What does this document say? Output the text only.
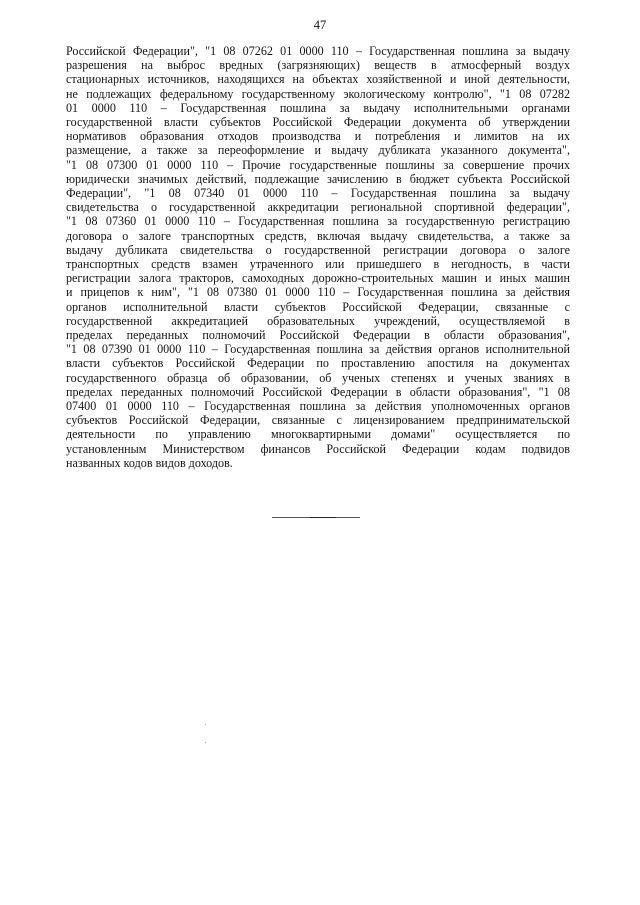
47
Российской Федерации", "1 08 07262 01 0000 110 – Государственная пошлина за выдачу
разрешения на выброс вредных (загрязняющих) веществ в атмосферный воздух
стационарных источников, находящихся на объектах хозяйственной и иной деятельности,
не подлежащих федеральному государственному экологическому контролю", "1 08 07282
01 0000 110 – Государственная пошлина за выдачу исполнительными органами
государственной власти субъектов Российской Федерации документа об утверждении
нормативов образования отходов производства и потребления и лимитов на их
размещение, а также за переоформление и выдачу дубликата указанного документа",
"1 08 07300 01 0000 110 – Прочие государственные пошлины за совершение прочих
юридически значимых действий, подлежащие зачислению в бюджет субъекта Российской
Федерации", "1 08 07340 01 0000 110 – Государственная пошлина за выдачу
свидетельства о государственной аккредитации региональной спортивной федерации",
"1 08 07360 01 0000 110 – Государственная пошлина за государственную регистрацию
договора о залоге транспортных средств, включая выдачу свидетельства, а также за
выдачу дубликата свидетельства о государственной регистрации договора о залоге
транспортных средств взамен утраченного или пришедшего в негодность, в части
регистрации залога тракторов, самоходных дорожно-строительных машин и иных машин
и прицепов к ним", "1 08 07380 01 0000 110 – Государственная пошлина за действия
органов исполнительной власти субъектов Российской Федерации, связанные с
государственной аккредитацией образовательных учреждений, осуществляемой в
пределах переданных полномочий Российской Федерации в области образования",
"1 08 07390 01 0000 110 – Государственная пошлина за действия органов исполнительной
власти субъектов Российской Федерации по проставлению апостиля на документах
государственного образца об образовании, об ученых степенях и ученых званиях в
пределах переданных полномочий Российской Федерации в области образования", "1 08
07400 01 0000 110 – Государственная пошлина за действия уполномоченных органов
субъектов Российской Федерации, связанные с лицензированием предпринимательской
деятельности по управлению многоквартирными домами" осуществляется по
установленным Министерством финансов Российской Федерации кодам подвидов
названных кодов видов доходов.
